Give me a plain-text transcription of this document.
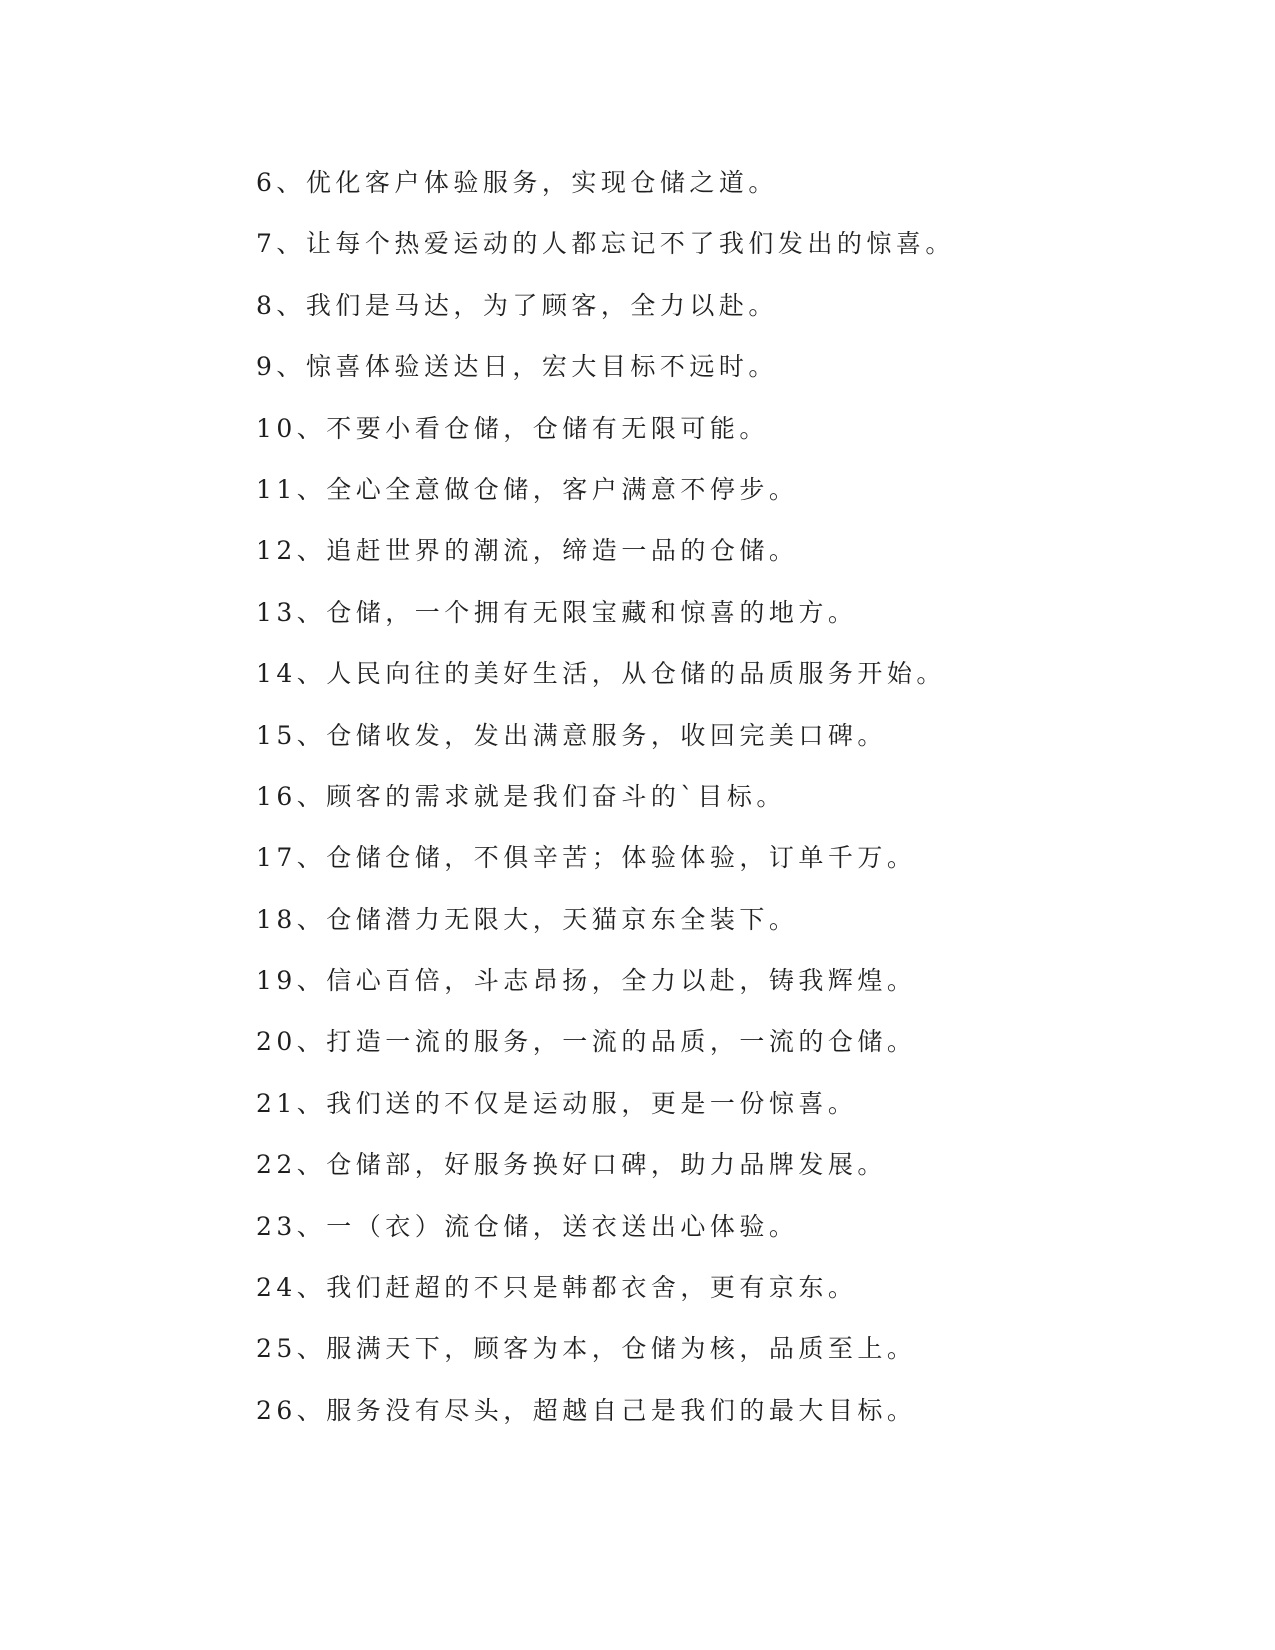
6、优化客户体验服务，实现仓储之道。
7、让每个热爱运动的人都忘记不了我们发出的惊喜。
8、我们是马达，为了顾客，全力以赴。
9、惊喜体验送达日，宏大目标不远时。
10、不要小看仓储，仓储有无限可能。
11、全心全意做仓储，客户满意不停步。
12、追赶世界的潮流，缔造一品的仓储。
13、仓储，一个拥有无限宝藏和惊喜的地方。
14、人民向往的美好生活，从仓储的品质服务开始。
15、仓储收发，发出满意服务，收回完美口碑。
16、顾客的需求就是我们奋斗的`目标。
17、仓储仓储，不俱辛苦；体验体验，订单千万。
18、仓储潜力无限大，天猫京东全装下。
19、信心百倍，斗志昂扬，全力以赴，铸我辉煌。
20、打造一流的服务，一流的品质，一流的仓储。
21、我们送的不仅是运动服，更是一份惊喜。
22、仓储部，好服务换好口碑，助力品牌发展。
23、一（衣）流仓储，送衣送出心体验。
24、我们赶超的不只是韩都衣舍，更有京东。
25、服满天下，顾客为本，仓储为核，品质至上。
26、服务没有尽头，超越自己是我们的最大目标。
